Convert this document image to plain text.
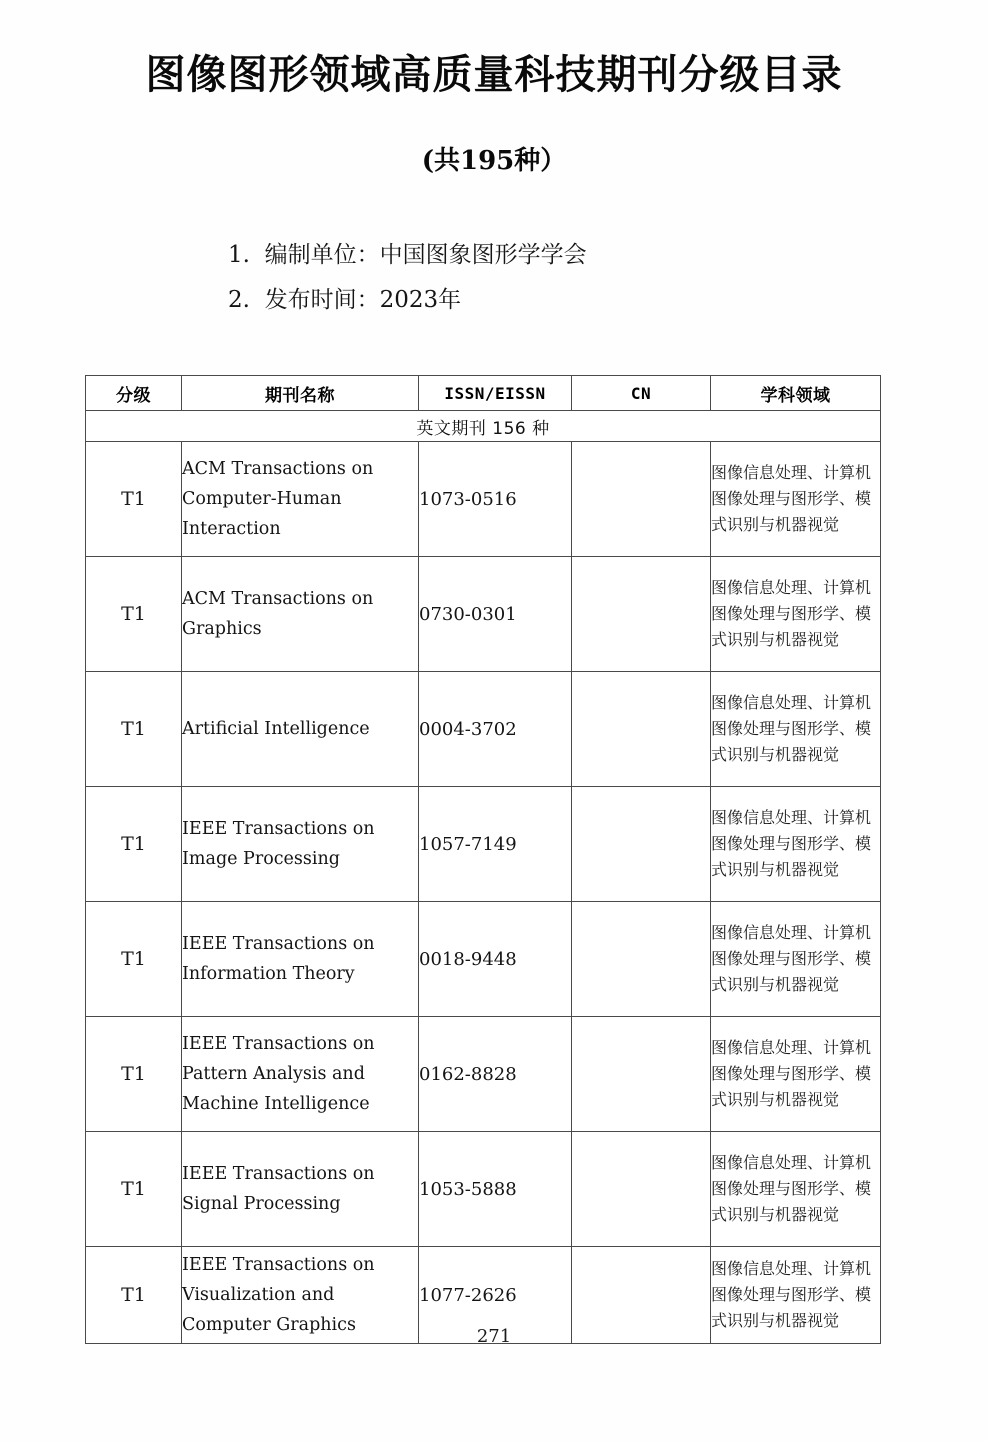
图像图形领域高质量科技期刊分级目录
(共195种）
1.  编制单位：中国图象图形学学会
2.  发布时间：2023年
分级	期刊名称	ISSN/EISSN	CN	学科领域
英文期刊 156 种				
T1	ACM Transactions on Computer-Human Interaction	1073-0516		图像信息处理、计算机图像处理与图形学、模式识别与机器视觉
T1	ACM Transactions on Graphics	0730-0301		图像信息处理、计算机图像处理与图形学、模式识别与机器视觉
T1	Artificial Intelligence	0004-3702		图像信息处理、计算机图像处理与图形学、模式识别与机器视觉
T1	IEEE Transactions on Image Processing	1057-7149		图像信息处理、计算机图像处理与图形学、模式识别与机器视觉
T1	IEEE Transactions on Information Theory	0018-9448		图像信息处理、计算机图像处理与图形学、模式识别与机器视觉
T1	IEEE Transactions on Pattern Analysis and Machine Intelligence	0162-8828		图像信息处理、计算机图像处理与图形学、模式识别与机器视觉
T1	IEEE Transactions on Signal Processing	1053-5888		图像信息处理、计算机图像处理与图形学、模式识别与机器视觉
T1	IEEE Transactions on Visualization and Computer Graphics	1077-2626		图像信息处理、计算机图像处理与图形学、模式识别与机器视觉
271
